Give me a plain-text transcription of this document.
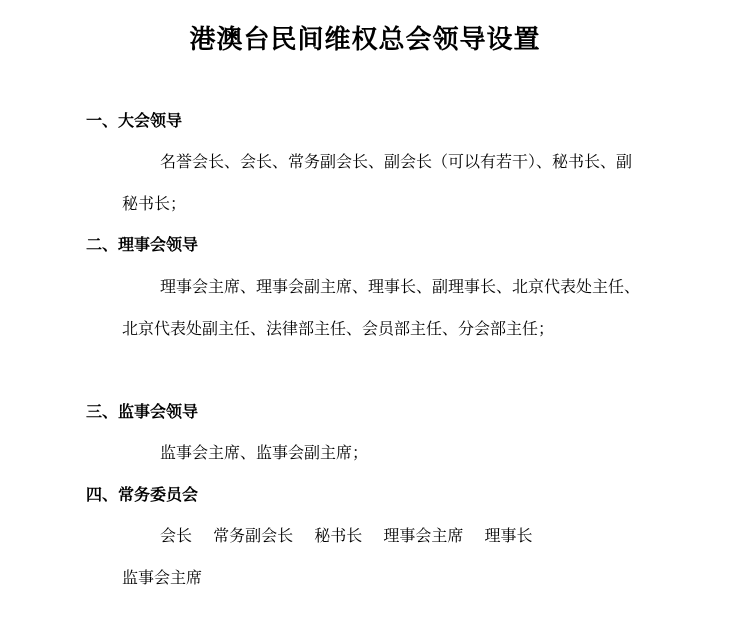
港澳台民间维权总会领导设置
一、大会领导

名誉会长、会长、常务副会长、副会长（可以有若干）、秘书长、副秘书长；

二、理事会领导

理事会主席、理事会副主席、理事长、副理事长、北京代表处主任、北京代表处副主任、法律部主任、会员部主任、分会部主任；

三、监事会领导

监事会主席、监事会副主席；

四、常务委员会
会长 常务副会长 秘书长 理事会主席 理事长

监事会主席
